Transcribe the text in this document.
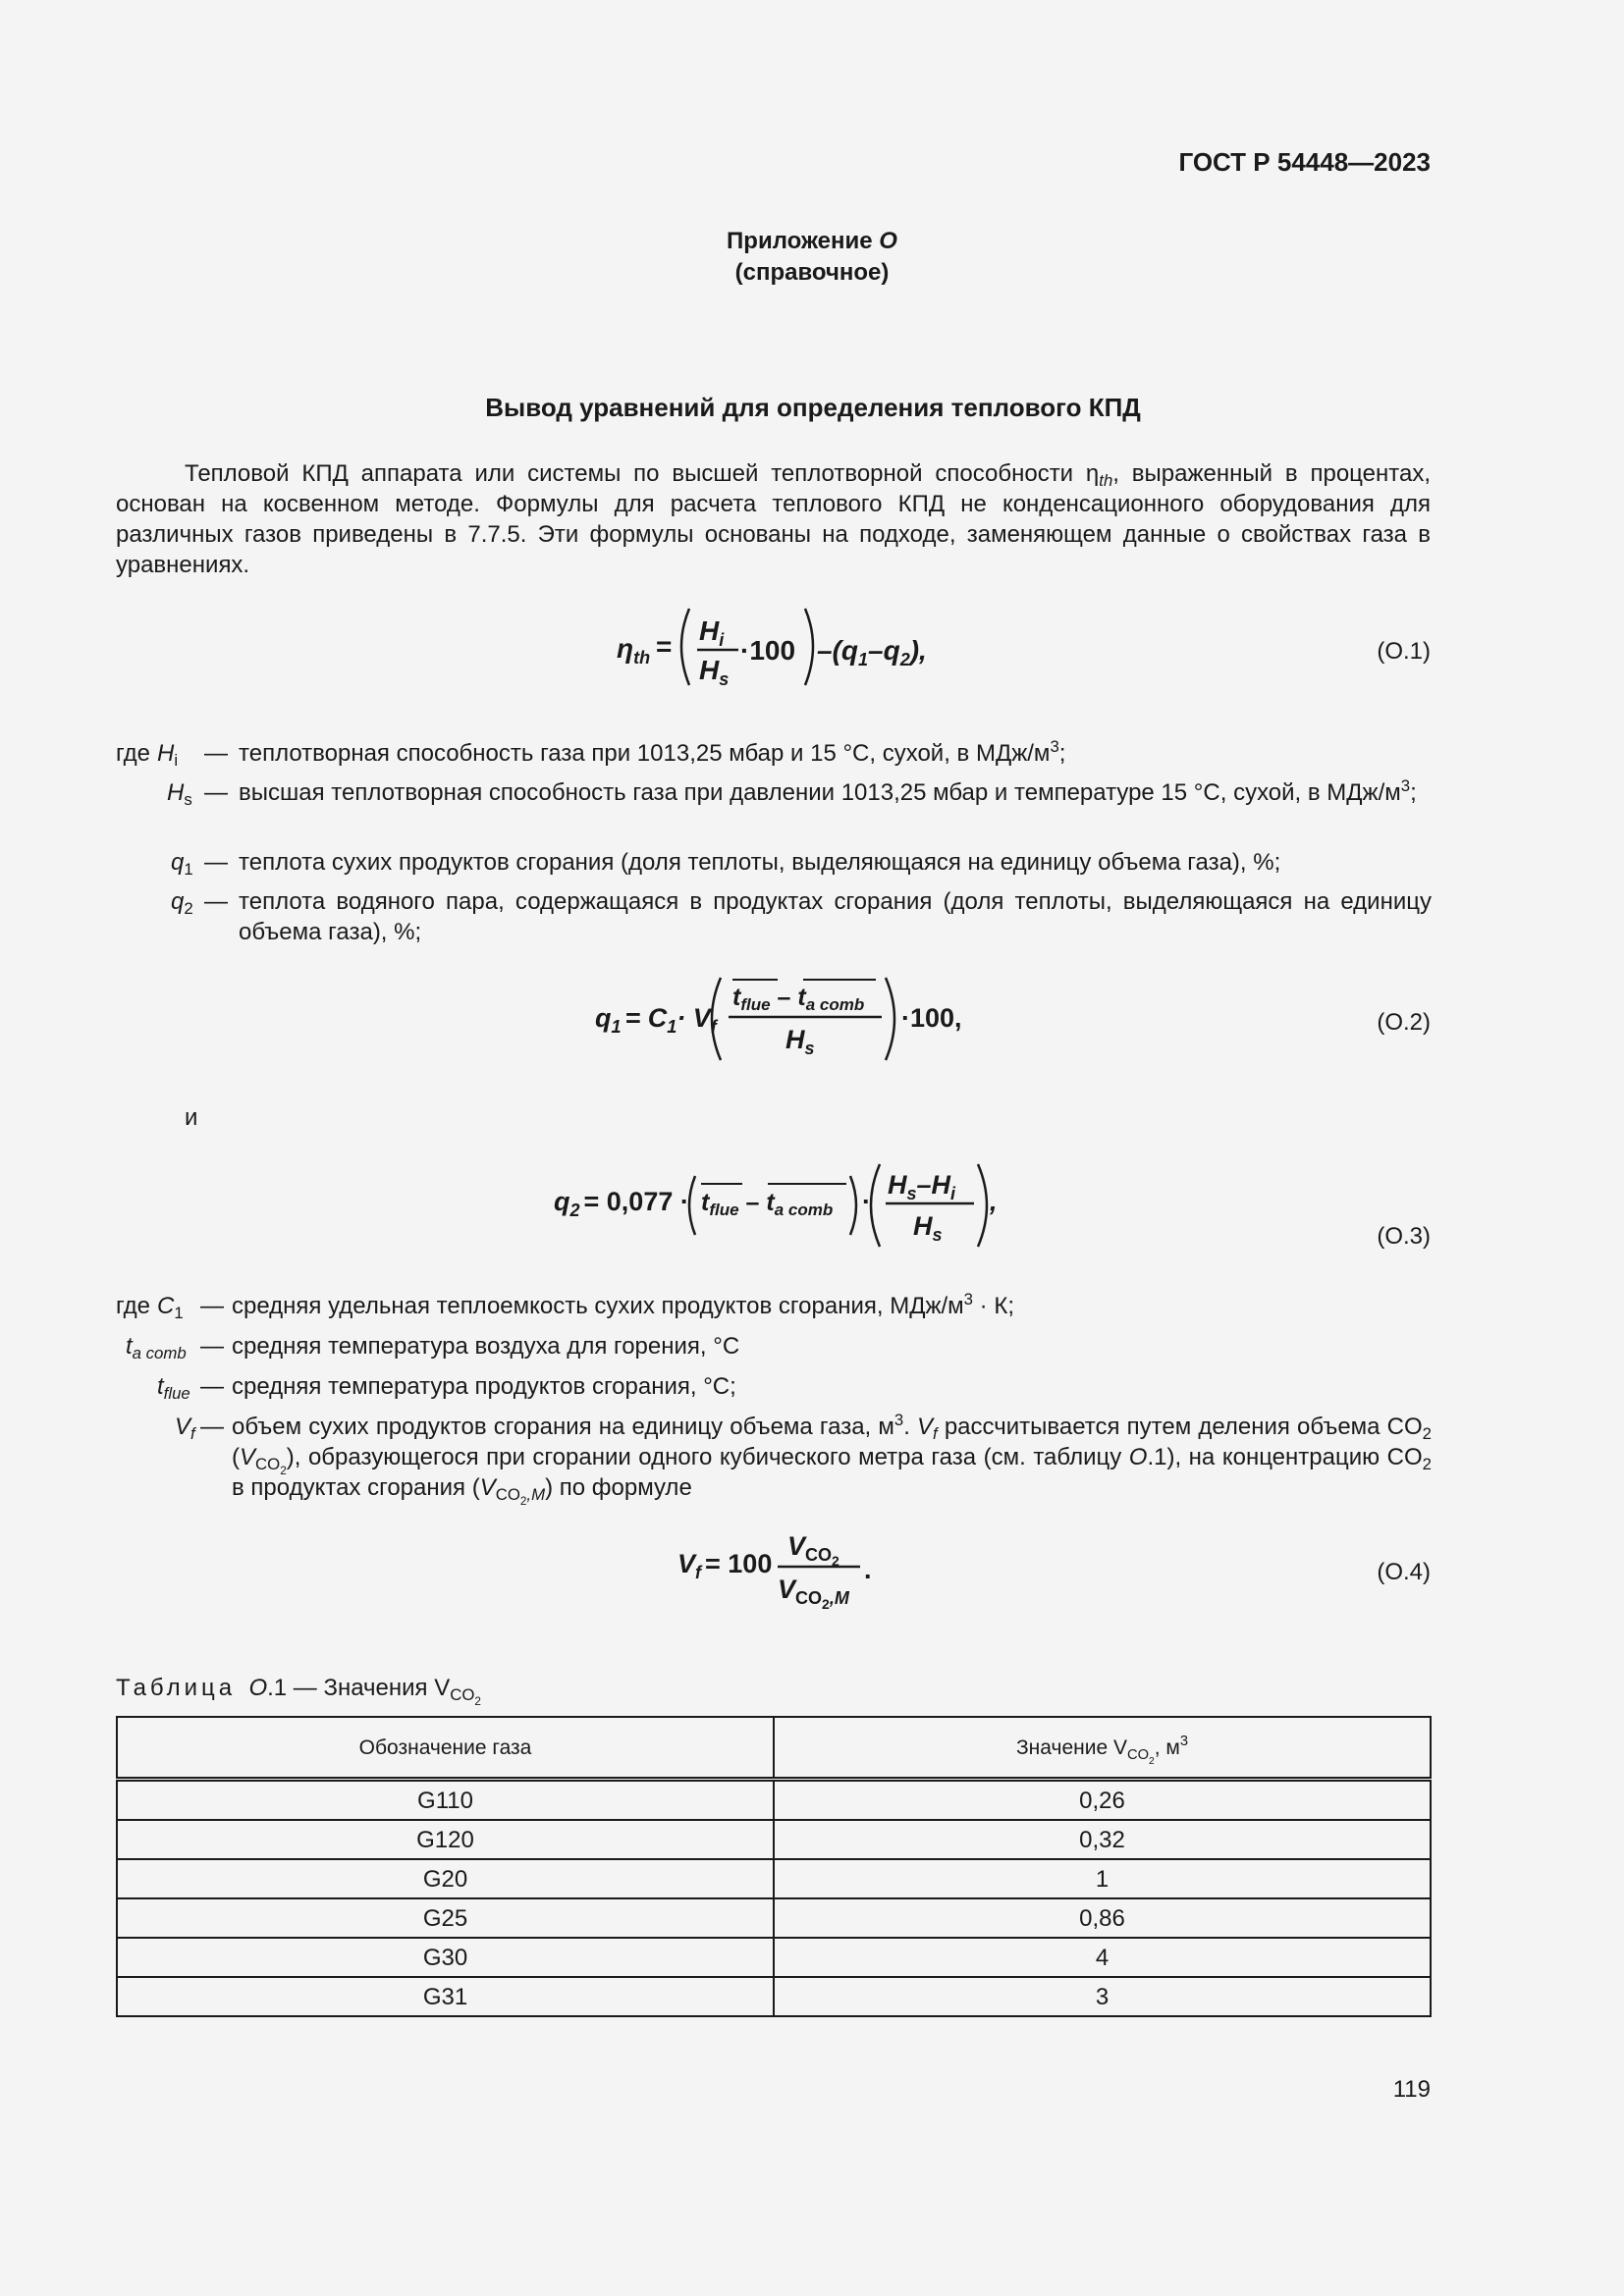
ГОСТ Р 54448—2023
Приложение О
(справочное)
Вывод уравнений для определения теплового КПД
Тепловой КПД аппарата или системы по высшей теплотворной способности $\eta_{th}$, выраженный в процентах, основан на косвенном методе. Формулы для расчета теплового КПД не конденсационного оборудования для различных газов приведены в 7.7.5. Эти формулы основаны на подходе, заменяющем данные о свойствах газа в уравнениях.
$\eta_{th}$ =
$H_i$
$H_s$
·100 $-(q_1-q_2)$,	(О.1)
где $H_i$ — теплотворная способность газа при 1013,25 мбар и 15 °С, сухой, в МДж/$м^3$;
$H_s$ — высшая теплотворная способность газа при давлении 1013,25 мбар и температуре 15 °С, сухой, в МДж/$м^3$;
$q_1$ — теплота сухих продуктов сгорания (доля теплоты, выделяющаяся на единицу объема газа), %;
$q_2$ — теплота водяного пара, содержащаяся в продуктах сгорания (доля теплоты, выделяющаяся на единицу объема газа), %;
$q_1 = C_1\cdot V_f$
$t_{flue} - t_{a comb}$
$H_s$
·100,	(О.2)
и
$q_2 = 0,077 \cdot t_{flue} - t_{a comb}$ ·
$H_s-H_i$
$H_s$
,
(О.3)
где $C_1$ — средняя удельная теплоемкость сухих продуктов сгорания, МДж/$м^3 \cdot К$;
$t_{a comb}$ — средняя температура воздуха для горения, °С
$t_{flue}$ — средняя температура продуктов сгорания, °С;
$V_f$ — объем сухих продуктов сгорания на единицу объема газа, $м^3$. $V_f$ рассчитывается путем деления объема $CO_2$ $(V_{CO_2})$, образующегося при сгорании одного кубического метра газа (см. таблицу О.1), на концентрацию $CO_2$ в продуктах сгорания $(V_{CO_2,M})$ по формуле
$V_f = 100$
$V_{CO}2$
$V_{CO}2,M$
.	(О.4)
Таблица О.1 — Значения $V_{CO_2}$
Обозначение газа	Значение $V_{CO_2}$, $м^3$
G110	0,26
G120	0,32
G20	1
G25	0,86
G30	4
G31	3
119
